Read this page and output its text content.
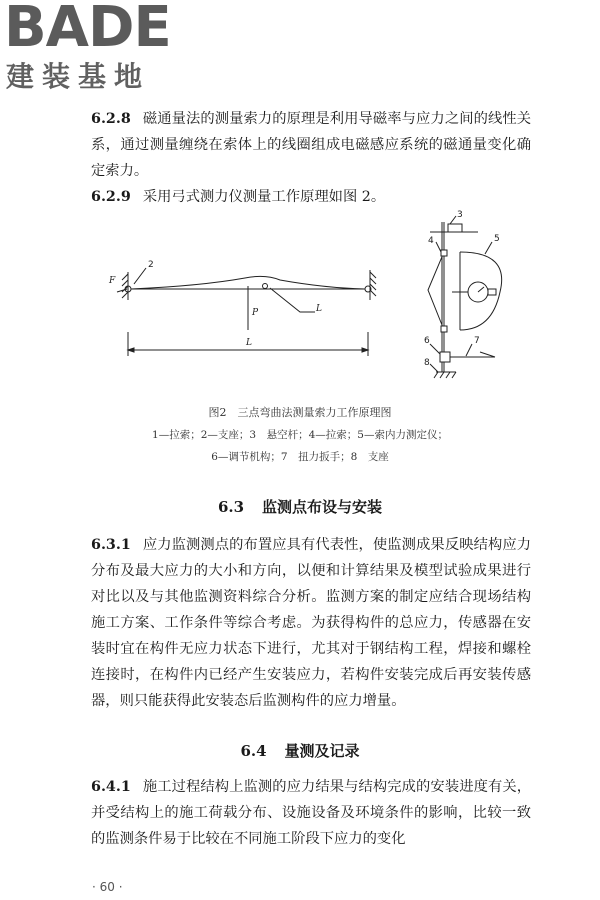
BADE
建装基地
6.2.8 磁通量法的测量索力的原理是利用导磁率与应力之间的线性关系，通过测量缠绕在索体上的线圈组成电磁感应系统的磁通量变化确定索力。
6.2.9 采用弓式测力仪测量工作原理如图 2。
F
2
P	L
L
3
4	5
6	7
8
图2　三点弯曲法测量索力工作原理图
1—拉索；2—支座；3　悬空杆；4—拉索；5—索内力测定仪；
6—调节机构；7　扭力扳手；8　支座
6.3 监测点布设与安装
6.3.1 应力监测测点的布置应具有代表性，使监测成果反映结构应力分布及最大应力的大小和方向，以便和计算结果及模型试验成果进行对比以及与其他监测资料综合分析。监测方案的制定应结合现场结构施工方案、工作条件等综合考虑。为获得构件的总应力，传感器在安装时宜在构件无应力状态下进行，尤其对于钢结构工程，焊接和螺栓连接时，在构件内已经产生安装应力，若构件安装完成后再安装传感器，则只能获得此安装态后监测构件的应力增量。
6.4 量测及记录
6.4.1 施工过程结构上监测的应力结果与结构完成的安装进度有关，并受结构上的施工荷载分布、设施设备及环境条件的影响，比较一致的监测条件易于比较在不同施工阶段下应力的变化
· 60 ·
